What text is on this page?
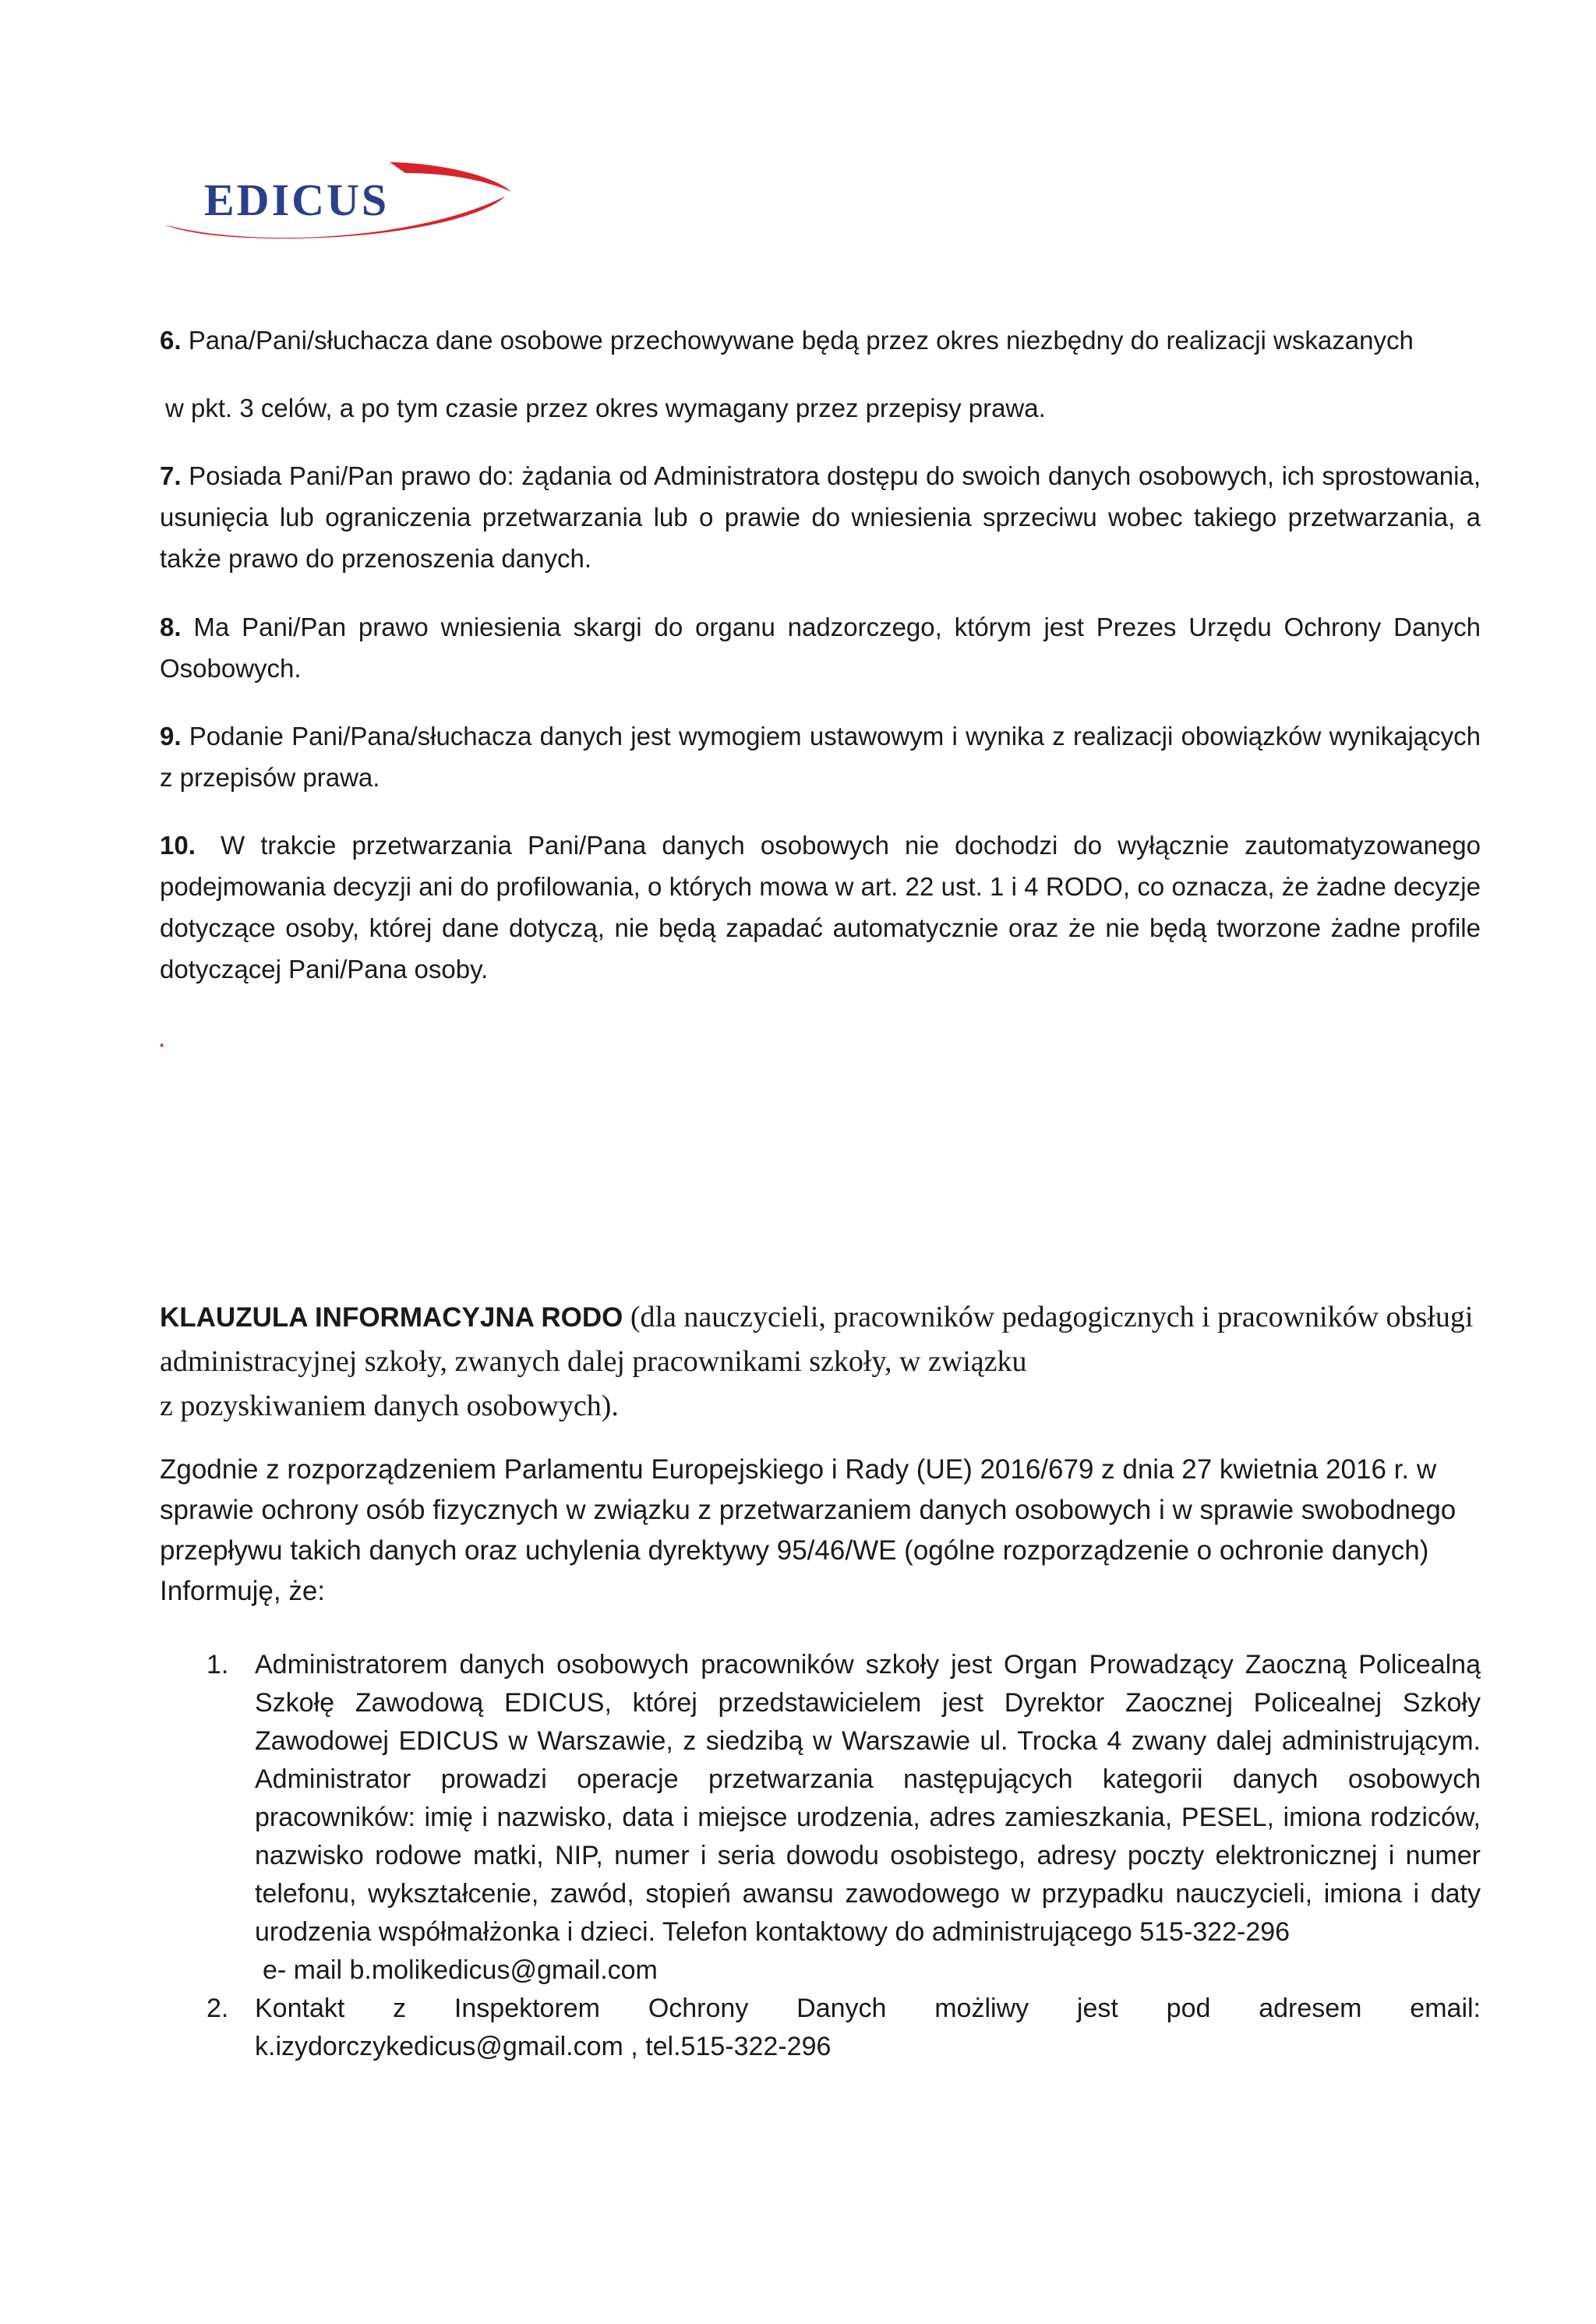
EDICUS

6. Pana/Pani/słuchacza dane osobowe przechowywane będą przez okres niezbędny do realizacji wskazanych

w pkt. 3 celów, a po tym czasie przez okres wymagany przez przepisy prawa.

7. Posiada Pani/Pan prawo do: żądania od Administratora dostępu do swoich danych osobowych, ich sprostowania, usunięcia lub ograniczenia przetwarzania lub o prawie do wniesienia sprzeciwu wobec takiego przetwarzania, a także prawo do przenoszenia danych.

8. Ma Pani/Pan prawo wniesienia skargi do organu nadzorczego, którym jest Prezes Urzędu Ochrony Danych Osobowych.

9. Podanie Pani/Pana/słuchacza danych jest wymogiem ustawowym i wynika z realizacji obowiązków wynikających z przepisów prawa.

10. W trakcie przetwarzania Pani/Pana danych osobowych nie dochodzi do wyłącznie zautomatyzowanego podejmowania decyzji ani do profilowania, o których mowa w art. 22 ust. 1 i 4 RODO, co oznacza, że żadne decyzje dotyczące osoby, której dane dotyczą, nie będą zapadać automatycznie oraz że nie będą tworzone żadne profile dotyczącej Pani/Pana osoby.

.

KLAUZULA INFORMACYJNA RODO (dla nauczycieli, pracowników pedagogicznych i pracowników obsługi administracyjnej szkoły, zwanych dalej pracownikami szkoły, w związku
z pozyskiwaniem danych osobowych).

Zgodnie z rozporządzeniem Parlamentu Europejskiego i Rady (UE) 2016/679 z dnia 27 kwietnia 2016 r. w sprawie ochrony osób fizycznych w związku z przetwarzaniem danych osobowych i w sprawie swobodnego przepływu takich danych oraz uchylenia dyrektywy 95/46/WE (ogólne rozporządzenie o ochronie danych) Informuję, że:

1. Administratorem danych osobowych pracowników szkoły jest Organ Prowadzący Zaoczną Policealną Szkołę Zawodową EDICUS, której przedstawicielem jest Dyrektor Zaocznej Policealnej Szkoły Zawodowej EDICUS w Warszawie, z siedzibą w Warszawie ul. Trocka 4 zwany dalej administrującym. Administrator prowadzi operacje przetwarzania następujących kategorii danych osobowych pracowników: imię i nazwisko, data i miejsce urodzenia, adres zamieszkania, PESEL, imiona rodziców, nazwisko rodowe matki, NIP, numer i seria dowodu osobistego, adresy poczty elektronicznej i numer telefonu, wykształcenie, zawód, stopień awansu zawodowego w przypadku nauczycieli, imiona i daty urodzenia współmałżonka i dzieci. Telefon kontaktowy do administrującego 515-322-296
e- mail b.molikedicus@gmail.com
2. Kontakt z Inspektorem Ochrony Danych możliwy jest pod adresem email: k.izydorczykedicus@gmail.com , tel.515-322-296
